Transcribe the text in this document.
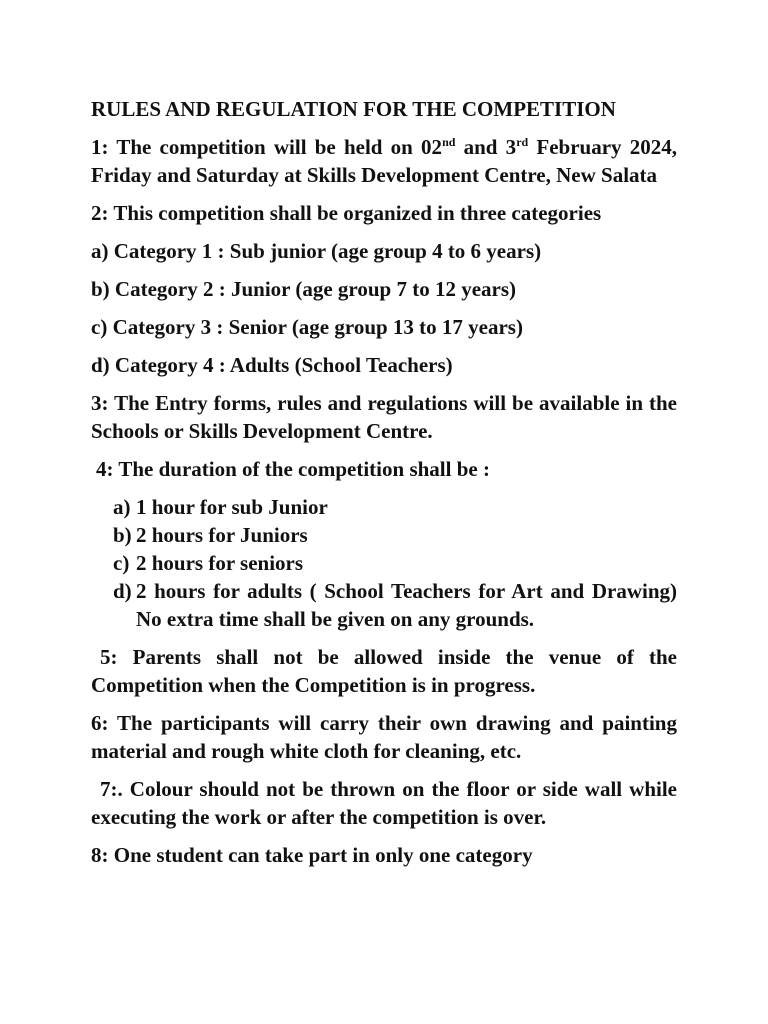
RULES AND REGULATION FOR THE COMPETITION
1: The competition will be held on 02nd and 3rd February 2024, Friday and Saturday at Skills Development Centre, New Salata
2: This competition shall be organized in three categories
a) Category 1 : Sub junior (age group 4 to 6 years)
b) Category 2 : Junior (age group 7 to 12 years)
c) Category 3 : Senior (age group 13 to 17 years)
d) Category 4 : Adults (School Teachers)
3: The Entry forms, rules and regulations will be available in the Schools or Skills Development Centre.
4: The duration of the competition shall be :
a) 1 hour for sub Junior
b) 2 hours for Juniors
c) 2 hours for seniors
d) 2 hours for adults ( School Teachers for Art and Drawing) No extra time shall be given on any grounds.
5: Parents shall not be allowed inside the venue of the Competition when the Competition is in progress.
6: The participants will carry their own drawing and painting material and rough white cloth for cleaning, etc.
7:. Colour should not be thrown on the floor or side wall while executing the work or after the competition is over.
8: One student can take part in only one category
